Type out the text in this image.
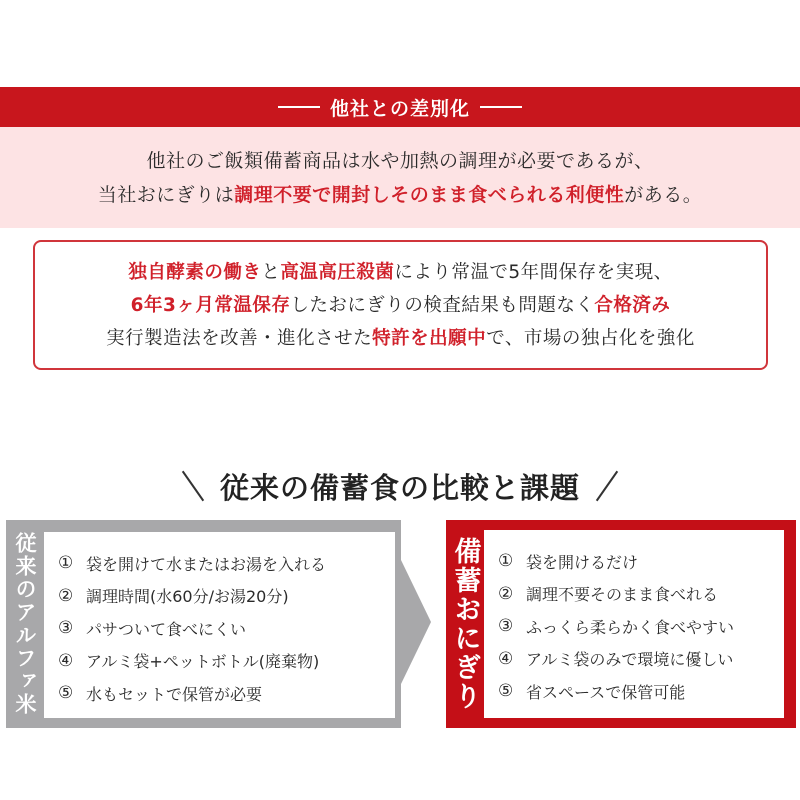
他社との差別化
他社のご飯類備蓄商品は水や加熱の調理が必要であるが、
当社おにぎりは調理不要で開封しそのまま食べられる利便性がある。
独自酵素の働きと高温高圧殺菌により常温で5年間保存を実現、
6年3ヶ月常温保存したおにぎりの検査結果も問題なく合格済み
実行製造法を改善・進化させた特許を出願中で、市場の独占化を強化
従来の備蓄食の比較と課題
従来のアルファ米 ① 袋を開けて水またはお湯を入れる
② 調理時間(水60分/お湯20分)
③ パサついて食べにくい
④ アルミ袋+ペットボトル(廃棄物)
⑤ 水もセットで保管が必要	備蓄おにぎり ① 袋を開けるだけ
② 調理不要そのまま食べれる
③ ふっくら柔らかく食べやすい
④ アルミ袋のみで環境に優しい
⑤ 省スペースで保管可能
